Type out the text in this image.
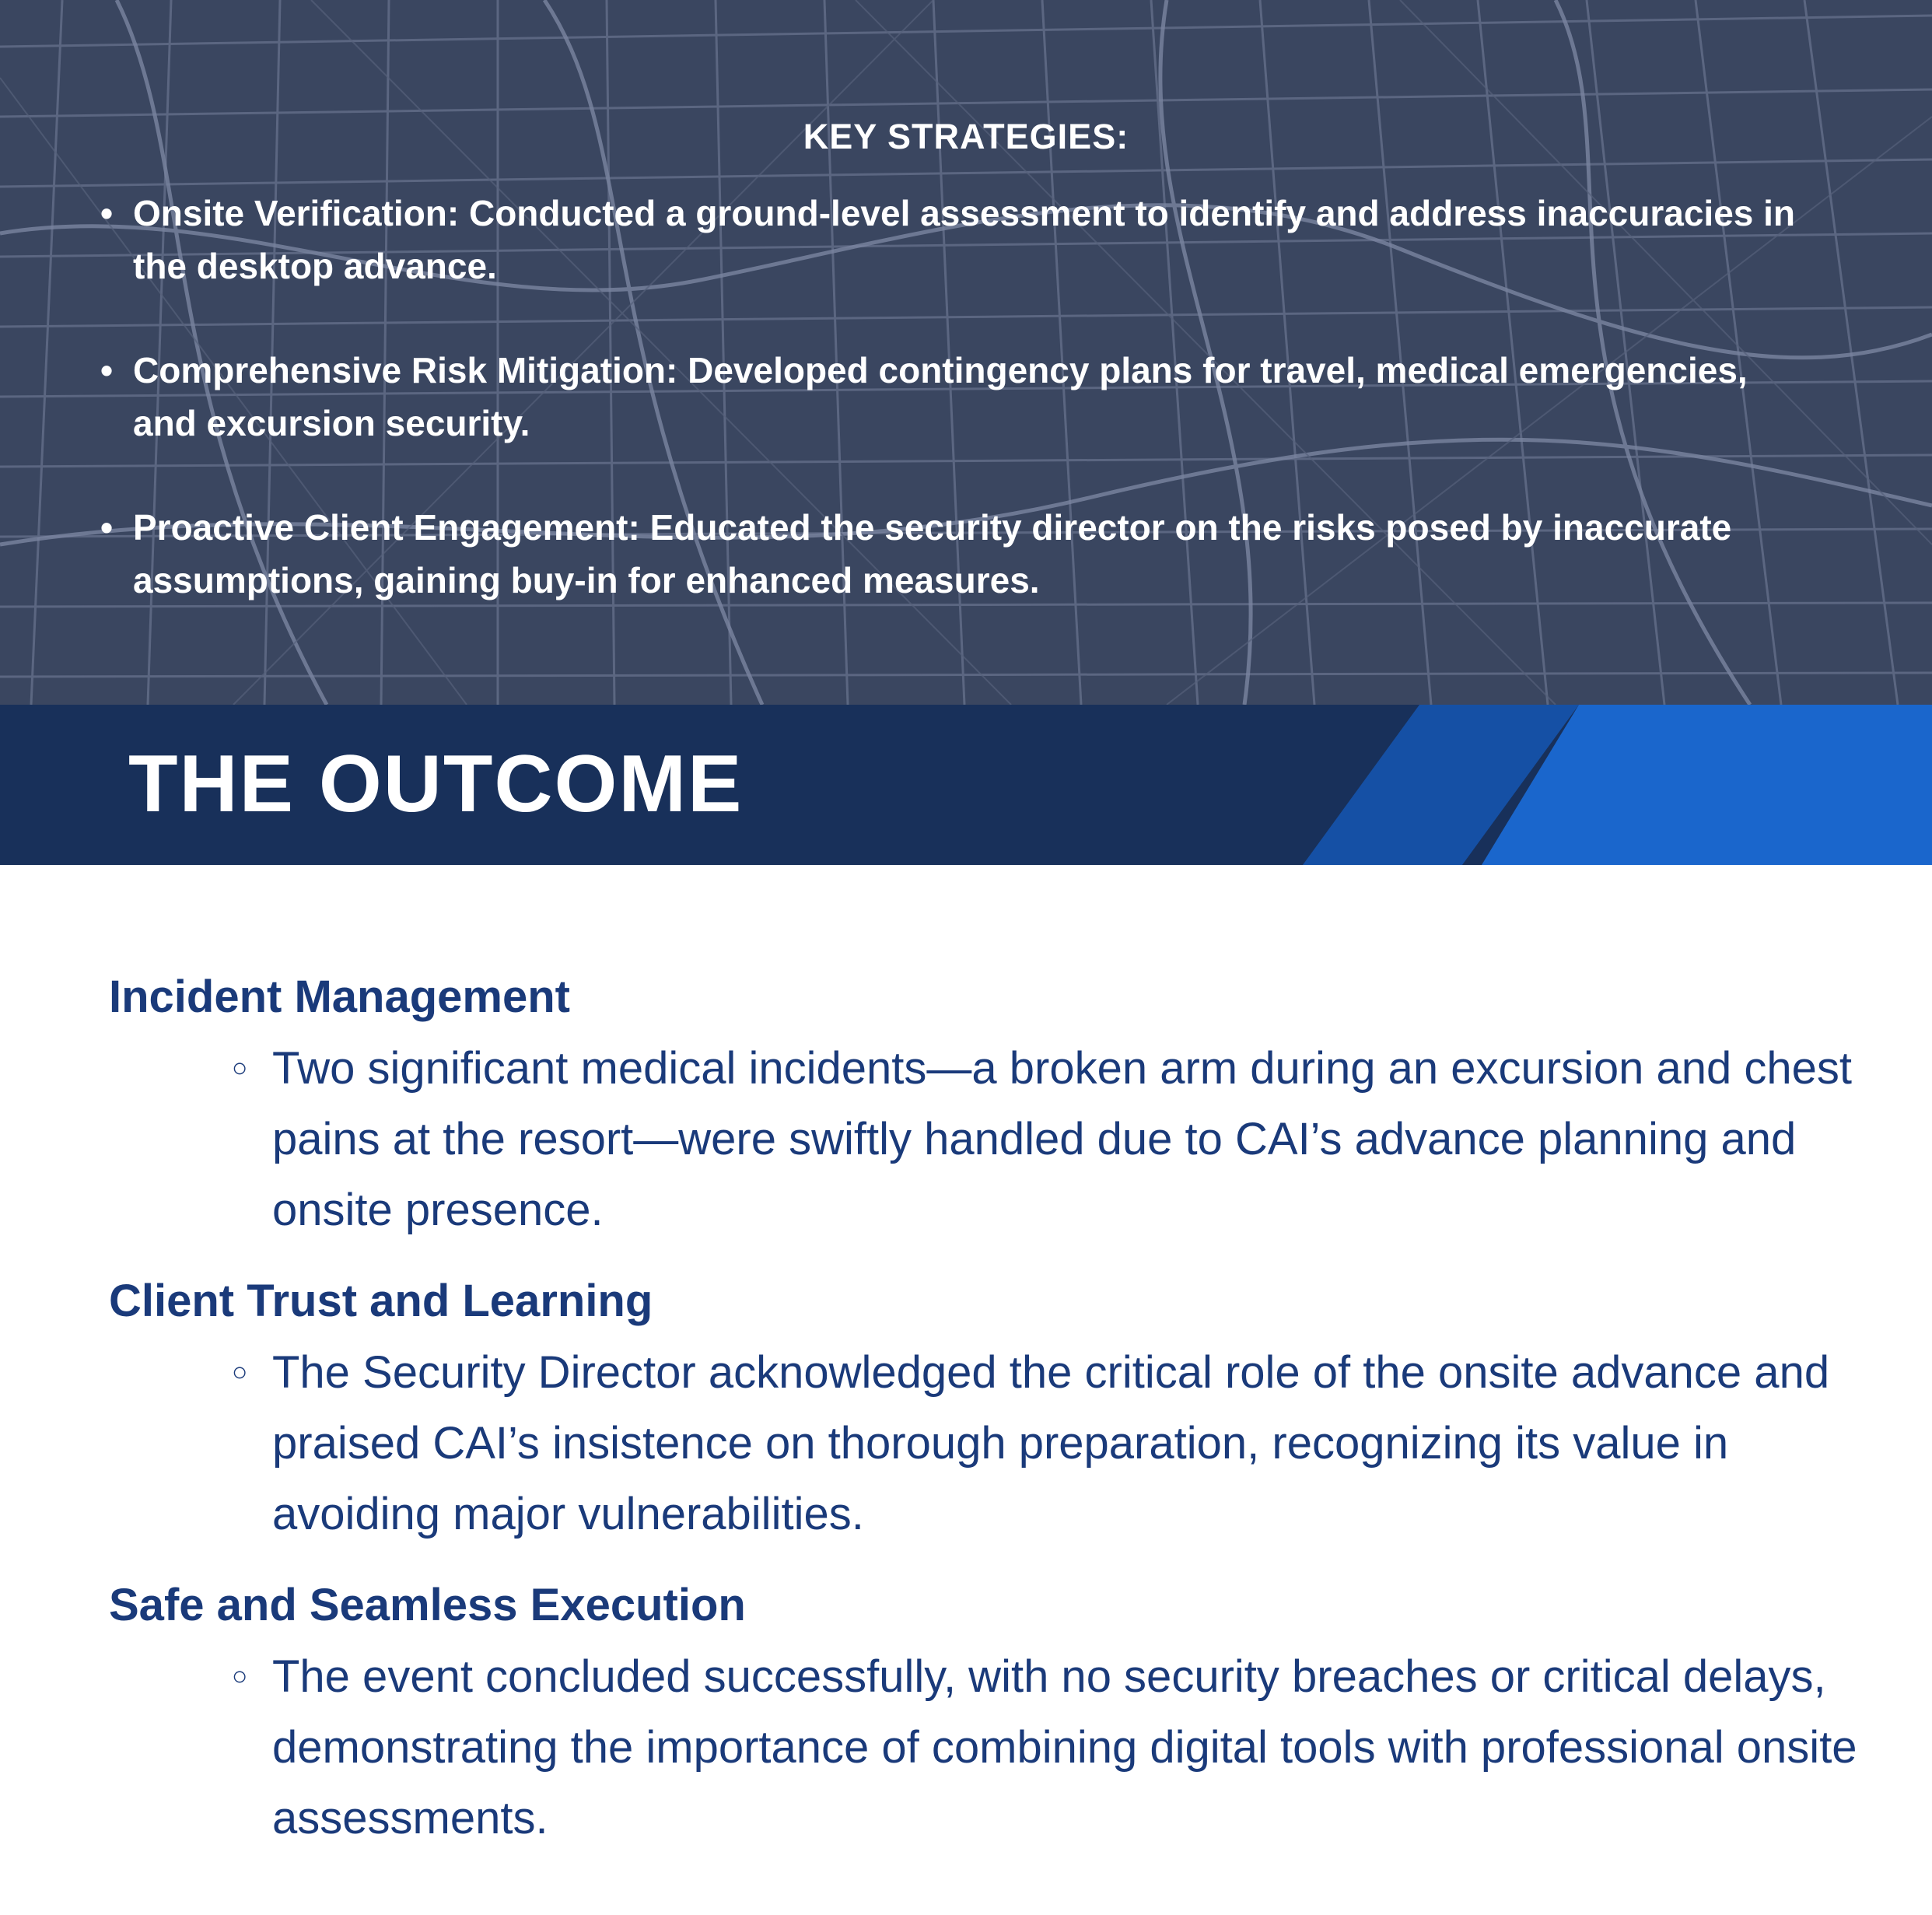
KEY STRATEGIES:
• Onsite Verification: Conducted a ground-level assessment to identify and address inaccuracies in the desktop advance.
• Comprehensive Risk Mitigation: Developed contingency plans for travel, medical emergencies, and excursion security.
• Proactive Client Engagement: Educated the security director on the risks posed by inaccurate assumptions, gaining buy-in for enhanced measures.
THE OUTCOME
Incident Management
○ Two significant medical incidents—a broken arm during an excursion and chest pains at the resort—were swiftly handled due to CAI’s advance planning and onsite presence.
Client Trust and Learning
○ The Security Director acknowledged the critical role of the onsite advance and praised CAI’s insistence on thorough preparation, recognizing its value in avoiding major vulnerabilities.
Safe and Seamless Execution
○ The event concluded successfully, with no security breaches or critical delays, demonstrating the importance of combining digital tools with professional onsite assessments.
